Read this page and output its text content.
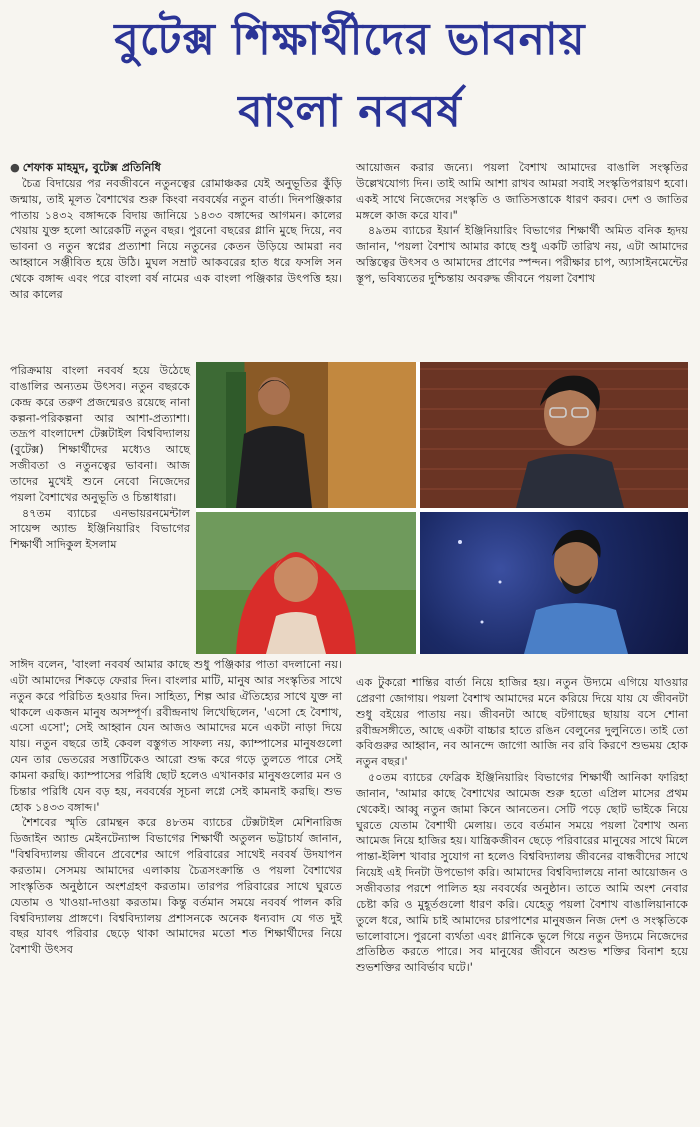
বুটেক্স শিক্ষার্থীদের ভাবনায়
বাংলা নববর্ষ

● শেফাক মাহমুদ, বুটেক্স প্রতিনিধি

চৈত্র বিদায়ের পর নবজীবনে নতুনত্বের রোমাঞ্চকর যেই অনুভূতির কুঁড়ি জন্মায়, তাই মূলত বৈশাখের শুরু কিংবা নববর্ষের নতুন বার্তা। দিনপঞ্জিকার পাতায় ১৪৩২ বঙ্গাব্দকে বিদায় জানিয়ে ১৪৩৩ বঙ্গাব্দের আগমন। কালের খেয়ায় যুক্ত হলো আরেকটি নতুন বছর। পুরনো বছরের গ্লানি মুছে দিয়ে, নব ভাবনা ও নতুন স্বপ্নের প্রত্যাশা নিয়ে নতুনের কেতন উড়িয়ে আমরা নব আহ্বানে সঞ্জীবিত হয়ে উঠি। মুঘল সম্রাট আকবরের হাত ধরে ফসলি সন থেকে বঙ্গাব্দ এবং পরে বাংলা বর্ষ নামের এক বাংলা পঞ্জিকার উৎপত্তি হয়। আর কালের

পরিক্রমায় বাংলা নববর্ষ হয়ে উঠেছে বাঙালির অন্যতম উৎসব। নতুন বছরকে কেন্দ্র করে তরুণ প্রজন্মেরও রয়েছে নানা কল্পনা-পরিকল্পনা আর আশা-প্রত্যাশা। তদ্রূপ বাংলাদেশ টেক্সটাইল বিশ্ববিদ্যালয় (বুটেক্স) শিক্ষার্থীদের মধ্যেও আছে সজীবতা ও নতুনত্বের ভাবনা। আজ তাদের মুখেই শুনে নেবো নিজেদের পয়লা বৈশাখের অনুভূতি ও চিন্তাধারা।

৪৭তম ব্যাচের এনভায়রনমেন্টাল সায়েন্স অ্যান্ড ইঞ্জিনিয়ারিং বিভাগের শিক্ষার্থী সাদিকুল ইসলাম

সাঈদ বলেন, 'বাংলা নববর্ষ আমার কাছে শুধু পঞ্জিকার পাতা বদলানো নয়। এটা আমাদের শিকড়ে ফেরার দিন। বাংলার মাটি, মানুষ আর সংস্কৃতির সাথে নতুন করে পরিচিত হওয়ার দিন। সাহিত্য, শিল্প আর ঐতিহ্যের সাথে যুক্ত না থাকলে একজন মানুষ অসম্পূর্ণ। রবীন্দ্রনাথ লিখেছিলেন, 'এসো হে বৈশাখ, এসো এসো'; সেই আহ্বান যেন আজও আমাদের মনে একটা নাড়া দিয়ে যায়। নতুন বছরে তাই কেবল বস্তুগত সাফল্য নয়, ক্যাম্পাসের মানুষগুলো যেন তার ভেতরের সত্তাটিকেও আরো শুদ্ধ করে গড়ে তুলতে পারে সেই কামনা করছি। ক্যাম্পাসের পরিধি ছোট হলেও এখানকার মানুষগুলোর মন ও চিন্তার পরিধি যেন বড় হয়, নববর্ষের সূচনা লগ্নে সেই কামনাই করছি। শুভ হোক ১৪৩৩ বঙ্গাব্দ।'

শৈশবের স্মৃতি রোমন্থন করে ৪৮তম ব্যাচের টেক্সটাইল মেশিনারিজ ডিজাইন অ্যান্ড মেইনটেন্যান্স বিভাগের শিক্ষার্থী অতুলন ভট্টাচার্য জানান, "বিশ্ববিদ্যালয় জীবনে প্রবেশের আগে পরিবারের সাথেই নববর্ষ উদযাপন করতাম। সেসময় আমাদের এলাকায় চৈত্রসংক্রান্তি ও পয়লা বৈশাখের সাংস্কৃতিক অনুষ্ঠানে অংশগ্রহণ করতাম। তারপর পরিবারের সাথে ঘুরতে যেতাম ও খাওয়া-দাওয়া করতাম। কিন্তু বর্তমান সময়ে নববর্ষ পালন করি বিশ্ববিদ্যালয় প্রাঙ্গণে। বিশ্ববিদ্যালয় প্রশাসনকে অনেক ধন্যবাদ যে গত দুই বছর যাবৎ পরিবার ছেড়ে থাকা আমাদের মতো শত শিক্ষার্থীদের নিয়ে বৈশাখী উৎসব

আয়োজন করার জন্যে। পয়লা বৈশাখ আমাদের বাঙালি সংস্কৃতির উল্লেখযোগ্য দিন। তাই আমি আশা রাখব আমরা সবাই সংস্কৃতিপরায়ণ হবো। একই সাথে নিজেদের সংস্কৃতি ও জাতিসত্তাকে ধারণ করব। দেশ ও জাতির মঙ্গলে কাজ করে যাব।"

৪৯তম ব্যাচের ইয়ার্ন ইঞ্জিনিয়ারিং বিভাগের শিক্ষার্থী অমিত বনিক হৃদয় জানান, 'পয়লা বৈশাখ আমার কাছে শুধু একটি তারিখ নয়, এটা আমাদের অস্তিত্বের উৎসব ও আমাদের প্রাণের স্পন্দন। পরীক্ষার চাপ, অ্যাসাইনমেন্টের স্তূপ, ভবিষ্যতের দুশ্চিন্তায় অবরুদ্ধ জীবনে পয়লা বৈশাখ

এক টুকরো শান্তির বার্তা নিয়ে হাজির হয়। নতুন উদ্যমে এগিয়ে যাওয়ার প্রেরণা জোগায়। পয়লা বৈশাখ আমাদের মনে করিয়ে দিয়ে যায় যে জীবনটা শুধু বইয়ের পাতায় নয়। জীবনটা আছে বটগাছের ছায়ায় বসে শোনা রবীন্দ্রসঙ্গীতে, আছে একটা বাচ্চার হাতে রঙিন বেলুনের দুলুনিতে। তাই তো কবিগুরুর আহ্বান, নব আনন্দে জাগো আজি নব রবি কিরণে শুভময় হোক নতুন বছর।'

৫০তম ব্যাচের ফেব্রিক ইঞ্জিনিয়ারিং বিভাগের শিক্ষার্থী আনিকা ফারিহা জানান, 'আমার কাছে বৈশাখের আমেজ শুরু হতো এপ্রিল মাসের প্রথম থেকেই। আব্বু নতুন জামা কিনে আনতেন। সেটি পড়ে ছোট ভাইকে নিয়ে ঘুরতে যেতাম বৈশাখী মেলায়। তবে বর্তমান সময়ে পয়লা বৈশাখ অন্য আমেজ নিয়ে হাজির হয়। যান্ত্রিকজীবন ছেড়ে পরিবারের মানুষের সাথে মিলে পান্তা-ইলিশ খাবার সুযোগ না হলেও বিশ্ববিদ্যালয় জীবনের বান্ধবীদের সাথে নিয়েই এই দিনটা উপভোগ করি। আমাদের বিশ্ববিদ্যালয়ে নানা আয়োজন ও সজীবতার পরশে পালিত হয় নববর্ষের অনুষ্ঠান। তাতে আমি অংশ নেবার চেষ্টা করি ও মুহূর্তগুলো ধারণ করি। যেহেতু পয়লা বৈশাখ বাঙালিয়ানাকে তুলে ধরে, আমি চাই আমাদের চারপাশের মানুষজন নিজ দেশ ও সংস্কৃতিকে ভালোবাসে। পুরনো ব্যর্থতা এবং গ্লানিকে ভুলে গিয়ে নতুন উদ্যমে নিজেদের প্রতিষ্ঠিত করতে পারে। সব মানুষের জীবনে অশুভ শক্তির বিনাশ হয়ে শুভশক্তির আবির্ভাব ঘটে।'
